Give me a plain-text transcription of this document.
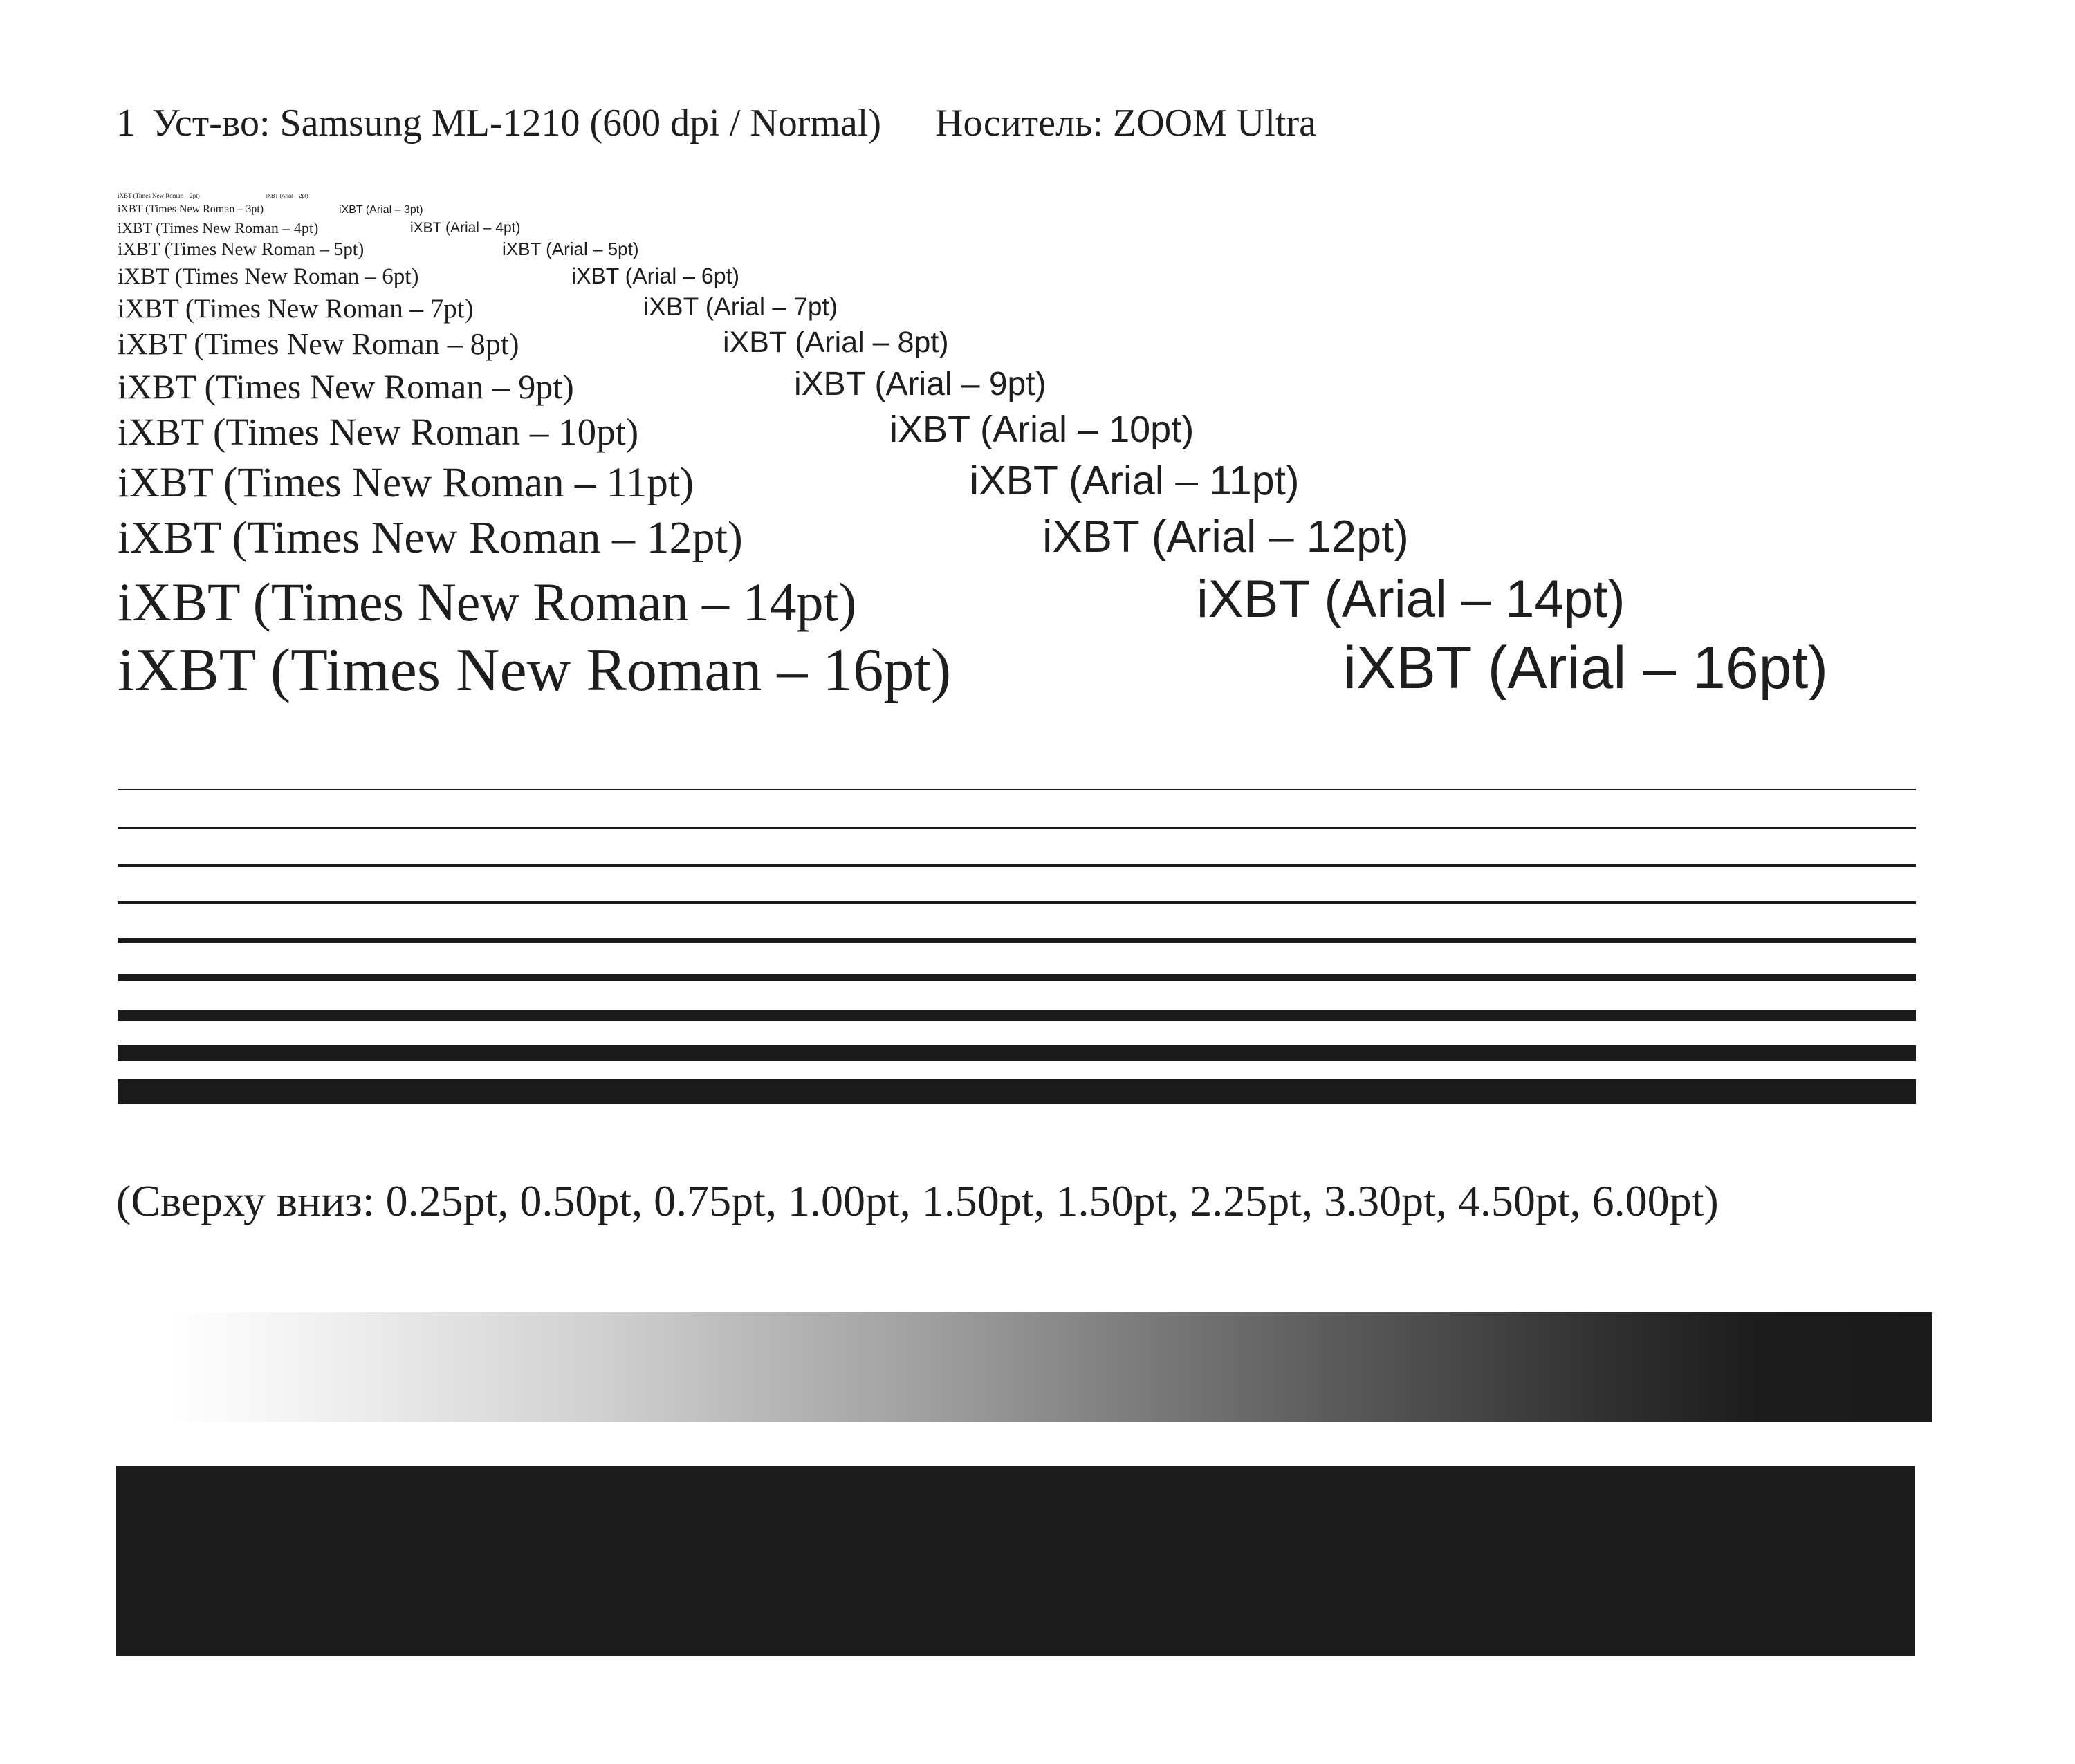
1 Уст-во: Samsung ML-1210 (600 dpi / Normal) Носитель: ZOOM Ultra
iXBT (Times New Roman – 2pt)	iXBT (Arial – 2pt)
iXBT (Times New Roman – 3pt)	iXBT (Arial – 3pt)
iXBT (Times New Roman – 4pt)	iXBT (Arial – 4pt)
iXBT (Times New Roman – 5pt)	iXBT (Arial – 5pt)
iXBT (Times New Roman – 6pt)	iXBT (Arial – 6pt)
iXBT (Times New Roman – 7pt)	iXBT (Arial – 7pt)
iXBT (Times New Roman – 8pt)	iXBT (Arial – 8pt)
iXBT (Times New Roman – 9pt)	iXBT (Arial – 9pt)
iXBT (Times New Roman – 10pt)	iXBT (Arial – 10pt)
iXBT (Times New Roman – 11pt)	iXBT (Arial – 11pt)
iXBT (Times New Roman – 12pt)	iXBT (Arial – 12pt)
iXBT (Times New Roman – 14pt)	iXBT (Arial – 14pt)
iXBT (Times New Roman – 16pt)	iXBT (Arial – 16pt)
(Сверху вниз: 0.25pt, 0.50pt, 0.75pt, 1.00pt, 1.50pt, 1.50pt, 2.25pt, 3.30pt, 4.50pt, 6.00pt)
